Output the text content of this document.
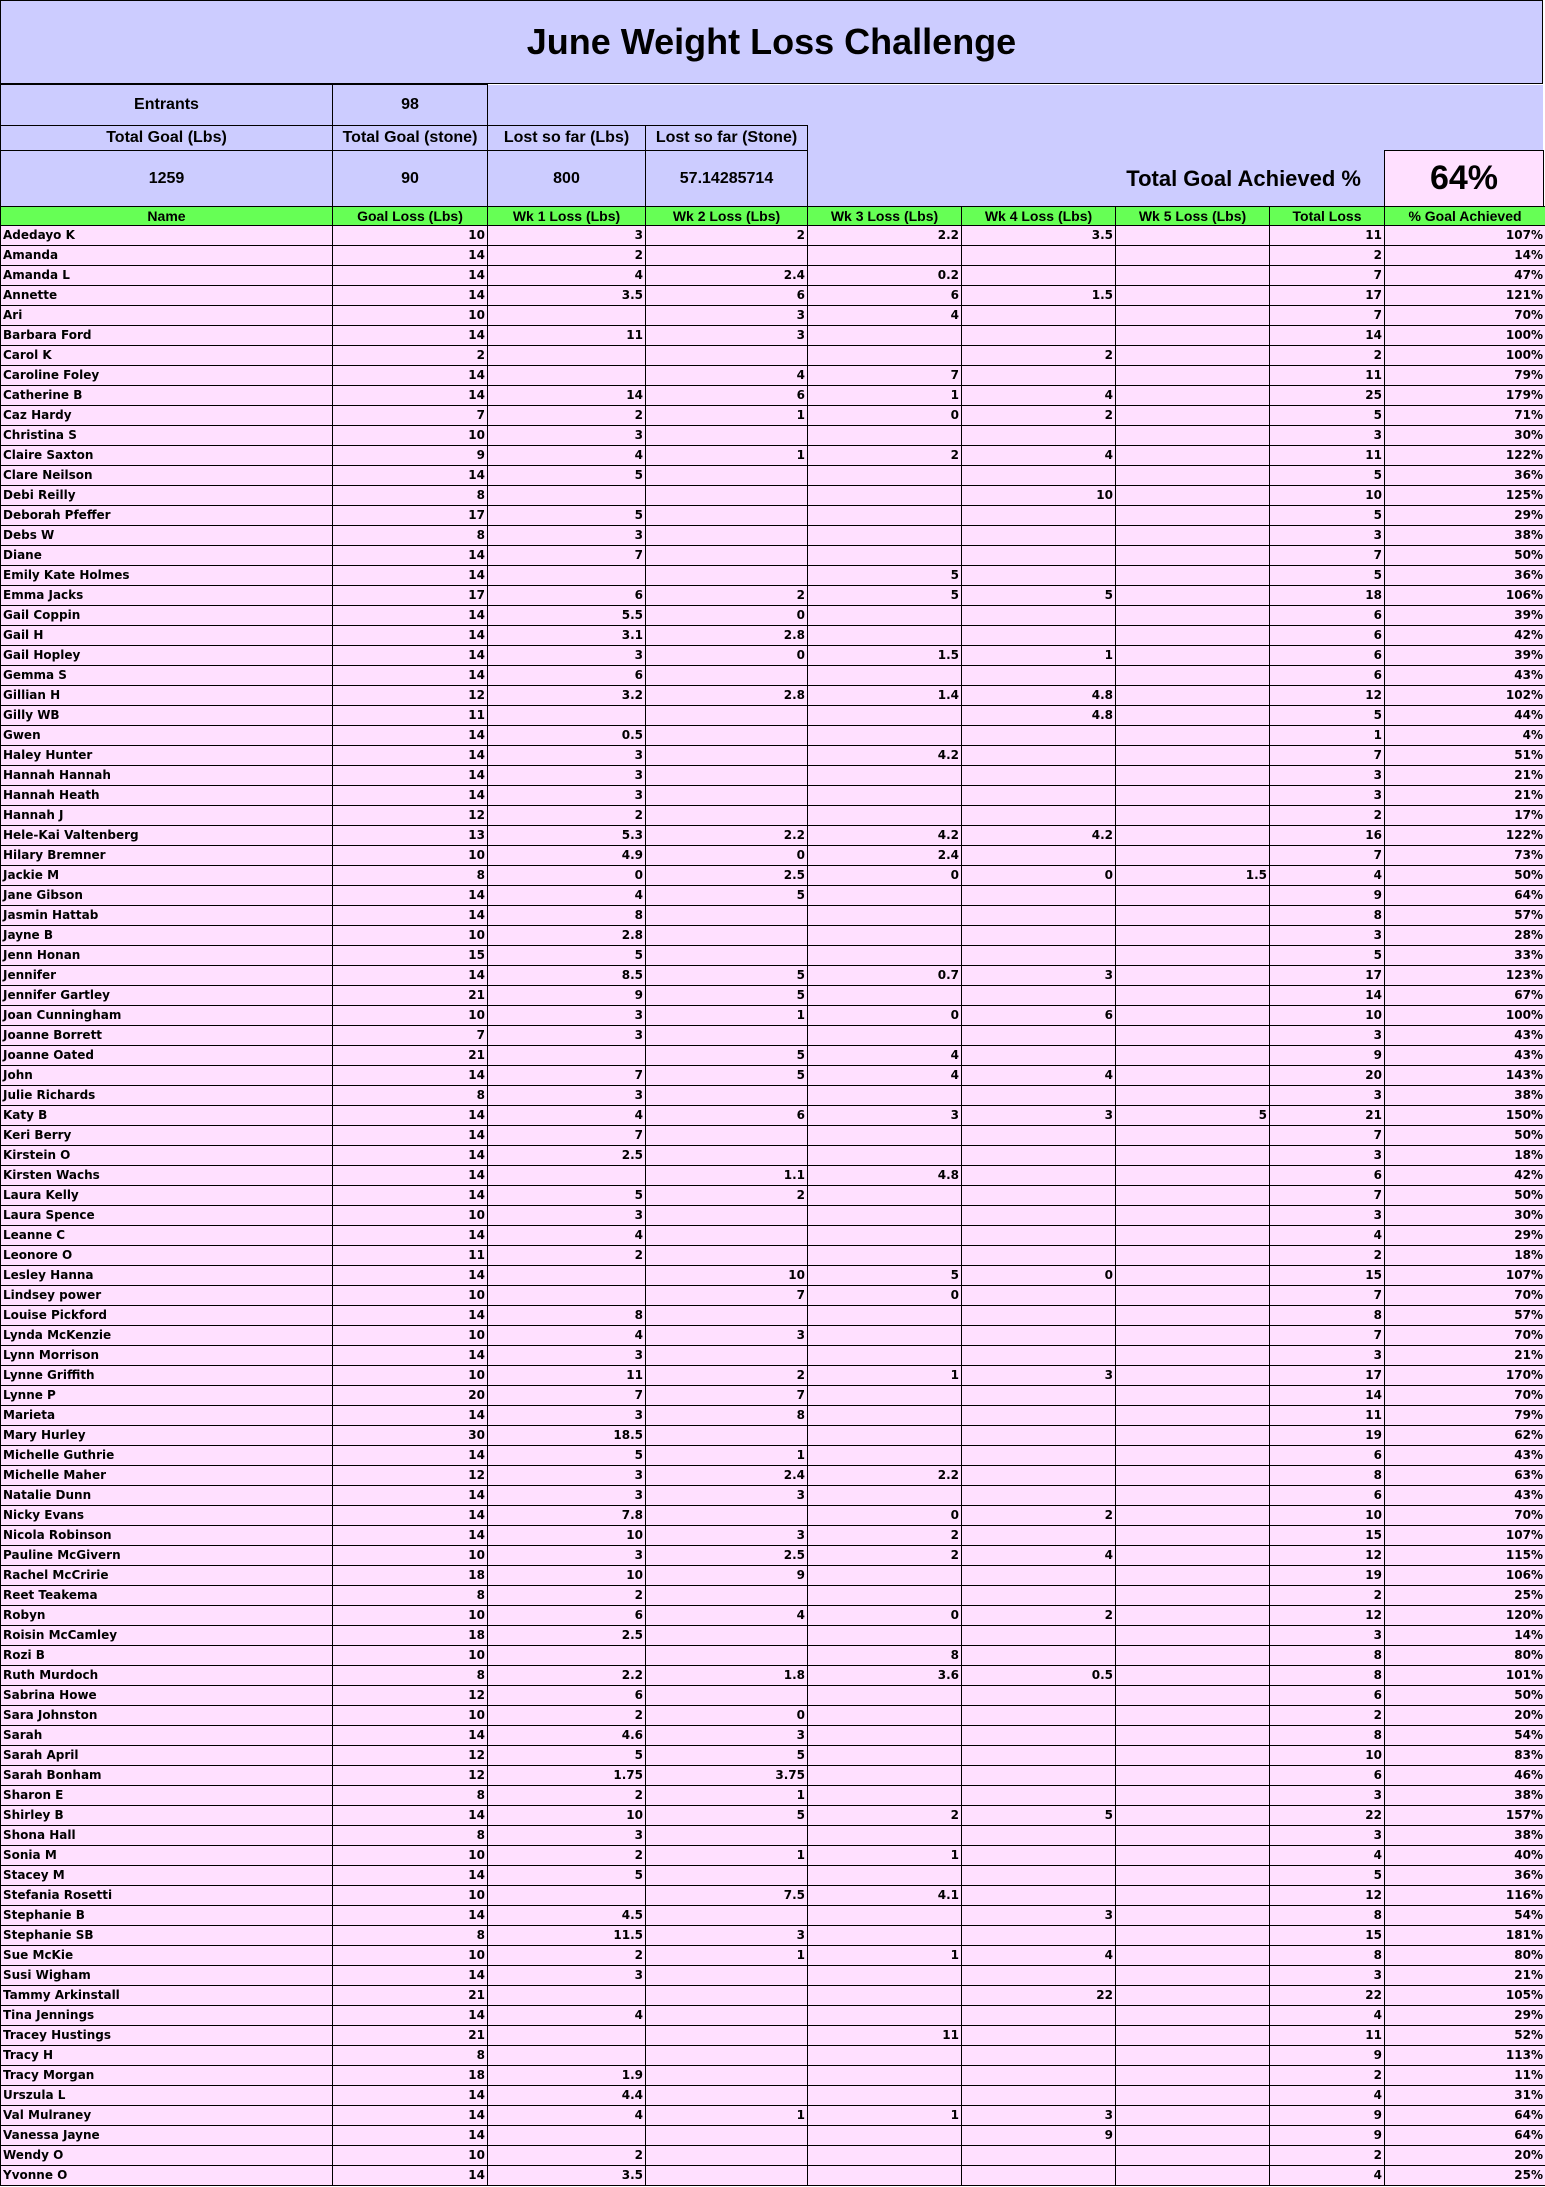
June Weight Loss Challenge
Entrants	98
Total Goal (Lbs)	Total Goal (stone)	Lost so far (Lbs)	Lost so far (Stone)
1259	90	800	57.14285714	Total Goal Achieved %	64%
Name	Goal Loss (Lbs)	Wk 1 Loss (Lbs)	Wk 2 Loss (Lbs)	Wk 3 Loss (Lbs)	Wk 4 Loss (Lbs)	Wk 5 Loss (Lbs)	Total Loss	% Goal Achieved
Adedayo K	10	3	2	2.2	3.5		11	107%
Amanda	14	2					2	14%
Amanda L	14	4	2.4	0.2			7	47%
Annette	14	3.5	6	6	1.5		17	121%
Ari	10		3	4			7	70%
Barbara Ford	14	11	3				14	100%
Carol K	2				2		2	100%
Caroline Foley	14		4	7			11	79%
Catherine B	14	14	6	1	4		25	179%
Caz Hardy	7	2	1	0	2		5	71%
Christina S	10	3					3	30%
Claire Saxton	9	4	1	2	4		11	122%
Clare Neilson	14	5					5	36%
Debi Reilly	8				10		10	125%
Deborah Pfeffer	17	5					5	29%
Debs W	8	3					3	38%
Diane	14	7					7	50%
Emily Kate Holmes	14			5			5	36%
Emma Jacks	17	6	2	5	5		18	106%
Gail Coppin	14	5.5	0				6	39%
Gail H	14	3.1	2.8				6	42%
Gail Hopley	14	3	0	1.5	1		6	39%
Gemma S	14	6					6	43%
Gillian H	12	3.2	2.8	1.4	4.8		12	102%
Gilly WB	11				4.8		5	44%
Gwen	14	0.5					1	4%
Haley Hunter	14	3		4.2			7	51%
Hannah Hannah	14	3					3	21%
Hannah Heath	14	3					3	21%
Hannah J	12	2					2	17%
Hele-Kai Valtenberg	13	5.3	2.2	4.2	4.2		16	122%
Hilary Bremner	10	4.9	0	2.4			7	73%
Jackie M	8	0	2.5	0	0	1.5	4	50%
Jane Gibson	14	4	5				9	64%
Jasmin Hattab	14	8					8	57%
Jayne B	10	2.8					3	28%
Jenn Honan	15	5					5	33%
Jennifer	14	8.5	5	0.7	3		17	123%
Jennifer Gartley	21	9	5				14	67%
Joan Cunningham	10	3	1	0	6		10	100%
Joanne Borrett	7	3					3	43%
Joanne Oated	21		5	4			9	43%
John	14	7	5	4	4		20	143%
Julie Richards	8	3					3	38%
Katy B	14	4	6	3	3	5	21	150%
Keri Berry	14	7					7	50%
Kirstein O	14	2.5					3	18%
Kirsten Wachs	14		1.1	4.8			6	42%
Laura Kelly	14	5	2				7	50%
Laura Spence	10	3					3	30%
Leanne C	14	4					4	29%
Leonore O	11	2					2	18%
Lesley Hanna	14		10	5	0		15	107%
Lindsey power	10		7	0			7	70%
Louise Pickford	14	8					8	57%
Lynda McKenzie	10	4	3				7	70%
Lynn Morrison	14	3					3	21%
Lynne Griffith	10	11	2	1	3		17	170%
Lynne P	20	7	7				14	70%
Marieta	14	3	8				11	79%
Mary Hurley	30	18.5					19	62%
Michelle Guthrie	14	5	1				6	43%
Michelle Maher	12	3	2.4	2.2			8	63%
Natalie Dunn	14	3	3				6	43%
Nicky Evans	14	7.8		0	2		10	70%
Nicola Robinson	14	10	3	2			15	107%
Pauline McGivern	10	3	2.5	2	4		12	115%
Rachel McCririe	18	10	9				19	106%
Reet Teakema	8	2					2	25%
Robyn	10	6	4	0	2		12	120%
Roisin McCamley	18	2.5					3	14%
Rozi B	10			8			8	80%
Ruth Murdoch	8	2.2	1.8	3.6	0.5		8	101%
Sabrina Howe	12	6					6	50%
Sara Johnston	10	2	0				2	20%
Sarah	14	4.6	3				8	54%
Sarah April	12	5	5				10	83%
Sarah Bonham	12	1.75	3.75				6	46%
Sharon E	8	2	1				3	38%
Shirley B	14	10	5	2	5		22	157%
Shona Hall	8	3					3	38%
Sonia M	10	2	1	1			4	40%
Stacey M	14	5					5	36%
Stefania Rosetti	10		7.5	4.1			12	116%
Stephanie B	14	4.5			3		8	54%
Stephanie SB	8	11.5	3				15	181%
Sue McKie	10	2	1	1	4		8	80%
Susi Wigham	14	3					3	21%
Tammy Arkinstall	21				22		22	105%
Tina Jennings	14	4					4	29%
Tracey Hustings	21			11			11	52%
Tracy H	8						9	113%
Tracy Morgan	18	1.9					2	11%
Urszula L	14	4.4					4	31%
Val Mulraney	14	4	1	1	3		9	64%
Vanessa Jayne	14				9		9	64%
Wendy O	10	2					2	20%
Yvonne O	14	3.5					4	25%
